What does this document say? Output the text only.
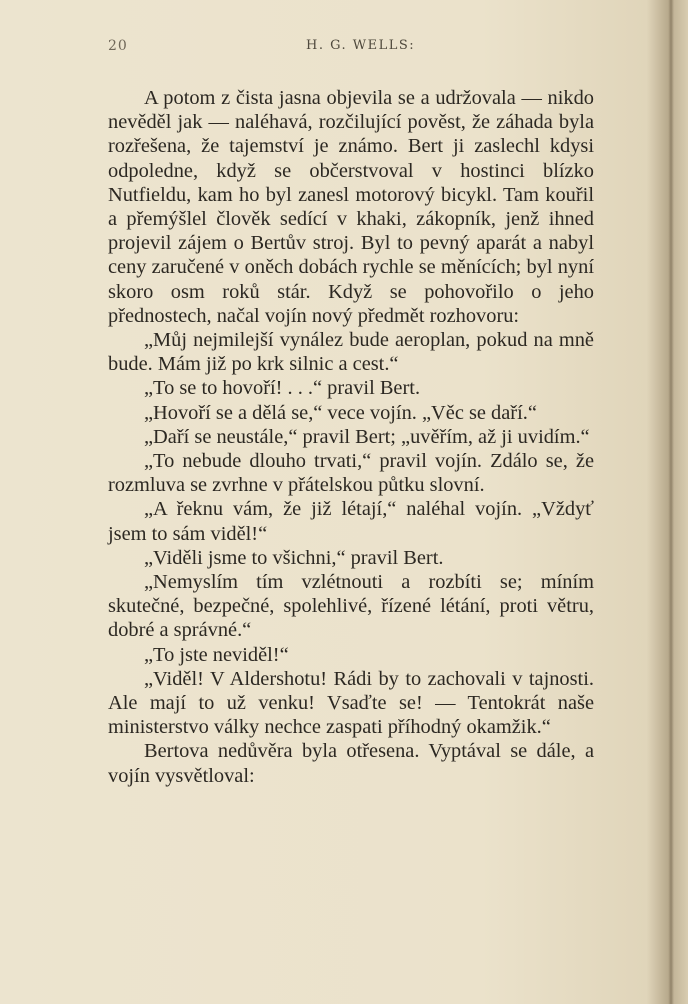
20	H. G. WELLS:

A potom z čista jasna objevila se a udržovala — nikdo nevěděl jak — naléhavá, rozčilující pověst, že záhada byla rozřešena, že tajemství je známo. Bert ji zaslechl kdysi odpoledne, když se občerstvoval v hostinci blízko Nutfieldu, kam ho byl zanesl motorový bicykl. Tam kouřil a přemýšlel člověk sedící v khaki, zákopník, jenž ihned projevil zájem o Bertův stroj. Byl to pevný aparát a nabyl ceny zaručené v oněch dobách rychle se měnících; byl nyní skoro osm roků stár. Když se pohovořilo o jeho přednostech, načal vojín nový předmět rozhovoru:

„Můj nejmilejší vynález bude aeroplan, pokud na mně bude. Mám již po krk silnic a cest.“

„To se to hovoří! . . .“ pravil Bert.

„Hovoří se a dělá se,“ vece vojín. „Věc se daří.“

„Daří se neustále,“ pravil Bert; „uvěřím, až ji uvidím.“

„To nebude dlouho trvati,“ pravil vojín. Zdálo se, že rozmluva se zvrhne v přátelskou půtku slovní.

„A řeknu vám, že již létají,“ naléhal vojín. „Vždyť jsem to sám viděl!“

„Viděli jsme to všichni,“ pravil Bert.

„Nemyslím tím vzlétnouti a rozbíti se; míním skutečné, bezpečné, spolehlivé, řízené létání, proti větru, dobré a správné.“

„To jste neviděl!“

„Viděl! V Aldershotu! Rádi by to zachovali v tajnosti. Ale mají to už venku! Vsaďte se! — Tentokrát naše ministerstvo války nechce zaspati příhodný okamžik.“

Bertova nedůvěra byla otřesena. Vyptával se dále, a vojín vysvětloval:
